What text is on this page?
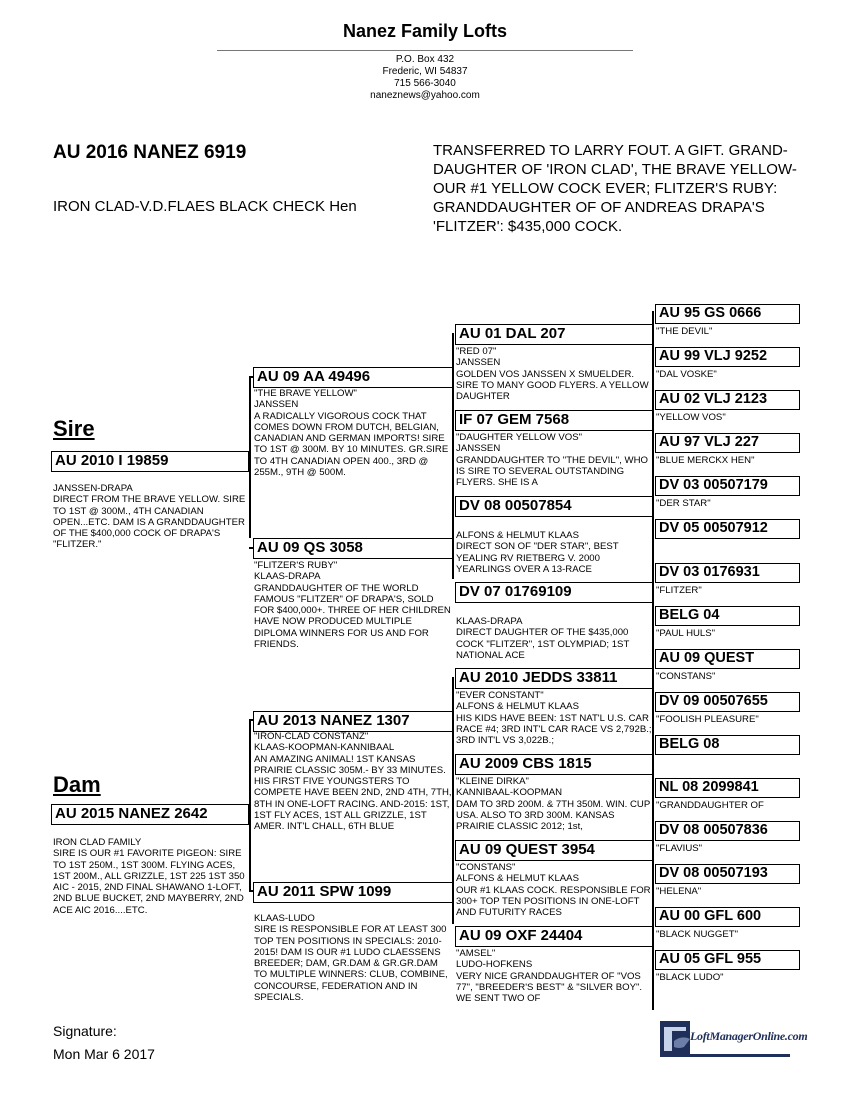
Nanez Family Lofts
P.O. Box 432
Frederic, WI 54837
715 566-3040
naneznews@yahoo.com
AU 2016 NANEZ 6919
IRON CLAD-V.D.FLAES BLACK CHECK Hen
TRANSFERRED TO LARRY FOUT. A GIFT. GRAND-DAUGHTER OF 'IRON CLAD', THE BRAVE YELLOW- OUR #1 YELLOW COCK EVER; FLITZER'S RUBY: GRANDDAUGHTER OF OF ANDREAS DRAPA'S 'FLITZER': $435,000 COCK.
Sire
AU 2010 I 19859
JANSSEN-DRAPA
DIRECT FROM THE BRAVE YELLOW. SIRE TO 1ST @ 300M., 4TH CANADIAN OPEN...ETC. DAM IS A GRANDDAUGHTER OF THE $400,000 COCK OF DRAPA'S "FLITZER."
Dam
AU 2015 NANEZ 2642
IRON CLAD FAMILY
SIRE IS OUR #1 FAVORITE PIGEON: SIRE TO 1ST 250M., 1ST 300M. FLYING ACES, 1ST 200M., ALL GRIZZLE, 1ST 225 1ST 350 AIC - 2015, 2ND FINAL SHAWANO 1-LOFT, 2ND BLUE BUCKET, 2ND MAYBERRY, 2ND ACE AIC 2016....ETC.
AU 09 AA 49496
"THE BRAVE YELLOW"
JANSSEN
A RADICALLY VIGOROUS COCK THAT COMES DOWN FROM DUTCH, BELGIAN, CANADIAN AND GERMAN IMPORTS! SIRE TO 1ST @ 300M. BY 10 MINUTES. GR.SIRE TO 4TH CANADIAN OPEN 400., 3RD @ 255M., 9TH @ 500M.
AU 09 QS 3058
"FLITZER'S RUBY"
KLAAS-DRAPA
GRANDDAUGHTER OF THE WORLD FAMOUS "FLITZER" OF DRAPA'S, SOLD FOR $400,000+. THREE OF HER CHILDREN HAVE NOW PRODUCED MULTIPLE DIPLOMA WINNERS FOR US AND FOR FRIENDS.
AU 2013 NANEZ 1307
"IRON-CLAD CONSTANZ"
KLAAS-KOOPMAN-KANNIBAAL
AN AMAZING ANIMAL! 1ST KANSAS PRAIRIE CLASSIC 305M.- BY 33 MINUTES. HIS FIRST FIVE YOUNGSTERS TO COMPETE HAVE BEEN 2ND, 2ND 4TH, 7TH, 8TH IN ONE-LOFT RACING. AND-2015: 1ST, 1ST FLY ACES, 1ST ALL GRIZZLE, 1ST AMER. INT'L CHALL, 6TH BLUE
AU 2011 SPW 1099
KLAAS-LUDO
SIRE IS RESPONSIBLE FOR AT LEAST 300 TOP TEN POSITIONS IN SPECIALS: 2010-2015! DAM IS OUR #1 LUDO CLAESSENS BREEDER; DAM, GR.DAM & GR.GR.DAM TO MULTIPLE WINNERS: CLUB, COMBINE, CONCOURSE, FEDERATION AND IN SPECIALS.
AU 01 DAL 207
"RED 07"
JANSSEN
GOLDEN VOS JANSSEN X SMUELDER. SIRE TO MANY GOOD FLYERS. A YELLOW DAUGHTER
IF 07 GEM 7568
"DAUGHTER YELLOW VOS"
JANSSEN
GRANDDAUGHTER TO "THE DEVIL", WHO IS SIRE TO SEVERAL OUTSTANDING FLYERS. SHE IS A
DV 08 00507854
ALFONS & HELMUT KLAAS
DIRECT SON OF "DER STAR", BEST YEALING RV RIETBERG V. 2000 YEARLINGS OVER A 13-RACE
DV 07 01769109
KLAAS-DRAPA
DIRECT DAUGHTER OF THE $435,000 COCK "FLITZER", 1ST OLYMPIAD; 1ST NATIONAL ACE
AU 2010 JEDDS 33811
"EVER CONSTANT"
ALFONS & HELMUT KLAAS
HIS KIDS HAVE BEEN: 1ST NAT'L U.S. CAR RACE #4; 3RD INT'L CAR RACE VS 2,792B.; 3RD INT'L VS 3,022B.;
AU 2009 CBS 1815
"KLEINE DIRKA"
KANNIBAAL-KOOPMAN
DAM TO 3RD 200M. & 7TH 350M. WIN. CUP USA. ALSO TO 3RD 300M. KANSAS PRAIRIE CLASSIC 2012; 1st,
AU 09 QUEST 3954
"CONSTANS"
ALFONS & HELMUT KLAAS
OUR #1 KLAAS COCK. RESPONSIBLE FOR 300+ TOP TEN POSITIONS IN ONE-LOFT AND FUTURITY RACES
AU 09 OXF 24404
"AMSEL"
LUDO-HOFKENS
VERY NICE GRANDDAUGHTER OF "VOS 77", "BREEDER'S BEST" & "SILVER BOY". WE SENT TWO OF
AU 95 GS 0666
"THE DEVIL"
AU 99 VLJ 9252
"DAL VOSKE"
AU 02 VLJ 2123
"YELLOW VOS"
AU 97 VLJ 227
"BLUE MERCKX HEN"
DV 03 00507179
"DER STAR"
DV 05 00507912
DV 03 0176931
"FLITZER"
BELG 04
"PAUL HULS"
AU 09 QUEST
"CONSTANS"
DV 09 00507655
"FOOLISH PLEASURE"
BELG 08
NL 08 2099841
"GRANDDAUGHTER OF
DV 08 00507836
"FLAVIUS"
DV 08 00507193
"HELENA"
AU 00 GFL 600
"BLACK NUGGET"
AU 05 GFL 955
"BLACK LUDO"
Signature:
Mon Mar 6 2017
LoftManagerOnline.com
